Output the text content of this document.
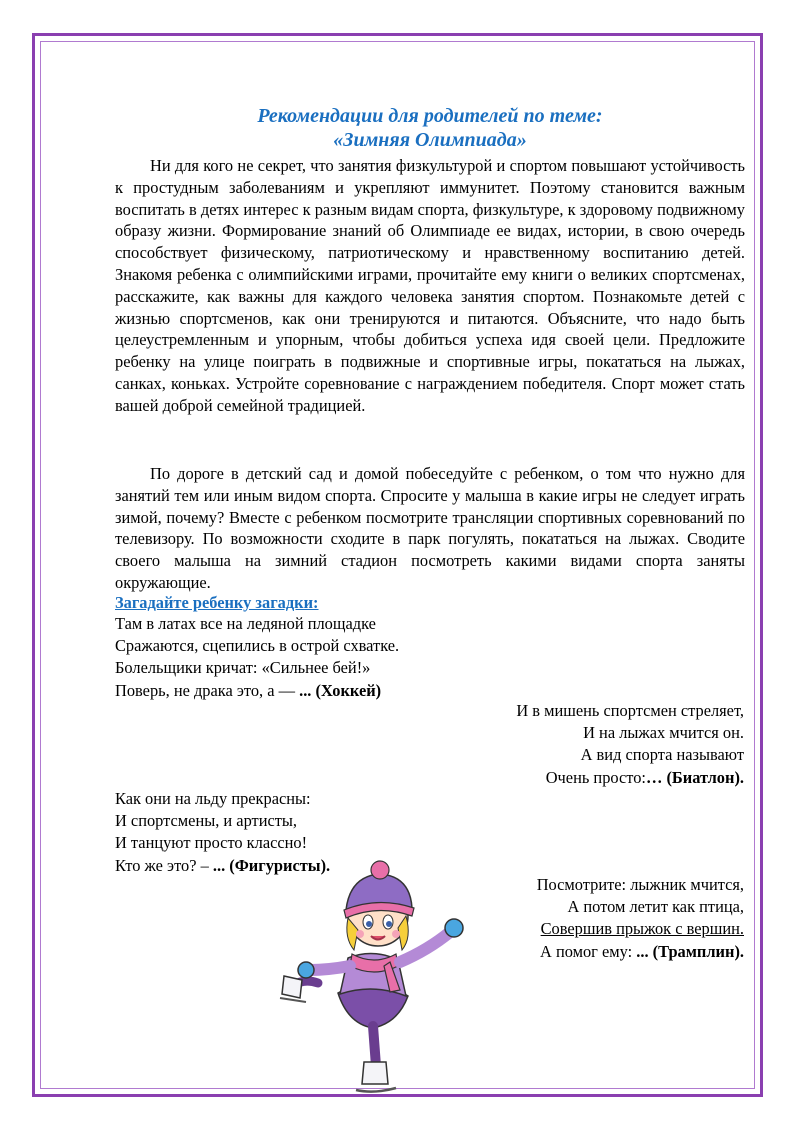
Рекомендации для родителей по теме:
«Зимняя Олимпиада»

Ни для кого не секрет, что занятия физкультурой и спортом повышают устойчивость к простудным заболеваниям и укрепляют иммунитет. Поэтому становится важным воспитать в детях интерес к разным видам спорта, физкультуре, к здоровому подвижному образу жизни. Формирование знаний об Олимпиаде ее видах, истории, в свою очередь способствует физическому, патриотическому и нравственному воспитанию детей. Знакомя ребенка с олимпийскими играми, прочитайте ему книги о великих спортсменах, расскажите, как важны для каждого человека занятия спортом. Познакомьте детей с жизнью спортсменов, как они тренируются и питаются. Объясните, что надо быть целеустремленным и упорным, чтобы добиться успеха идя своей цели. Предложите ребенку на улице поиграть в подвижные и спортивные игры, покататься на лыжах, санках, коньках. Устройте соревнование с награждением победителя. Спорт может стать вашей доброй семейной традицией.

По дороге в детский сад и домой побеседуйте с ребенком, о том что нужно для занятий тем или иным видом спорта. Спросите у малыша в какие игры не следует играть зимой, почему? Вместе с ребенком посмотрите трансляции спортивных соревнований по телевизору. По возможности сходите в парк погулять, покататься на лыжах. Сводите своего малыша на зимний стадион посмотреть какими видами спорта заняты окружающие.

Загадайте ребенку загадки:
Там в латах все на ледяной площадке
Сражаются, сцепились в острой схватке.
Болельщики кричат: «Сильнее бей!»
Поверь, не драка это, а — ... (Хоккей)
И в мишень спортсмен стреляет,
И на лыжах мчится он.
А вид спорта называют
Очень просто:… (Биатлон).
Как они на льду прекрасны:
И спортсмены, и артисты,
И танцуют просто классно!
Кто же это? – ... (Фигуристы).
Посмотрите: лыжник мчится,
А потом летит как птица,
Совершив прыжок с вершин.
А помог ему: ... (Трамплин).
